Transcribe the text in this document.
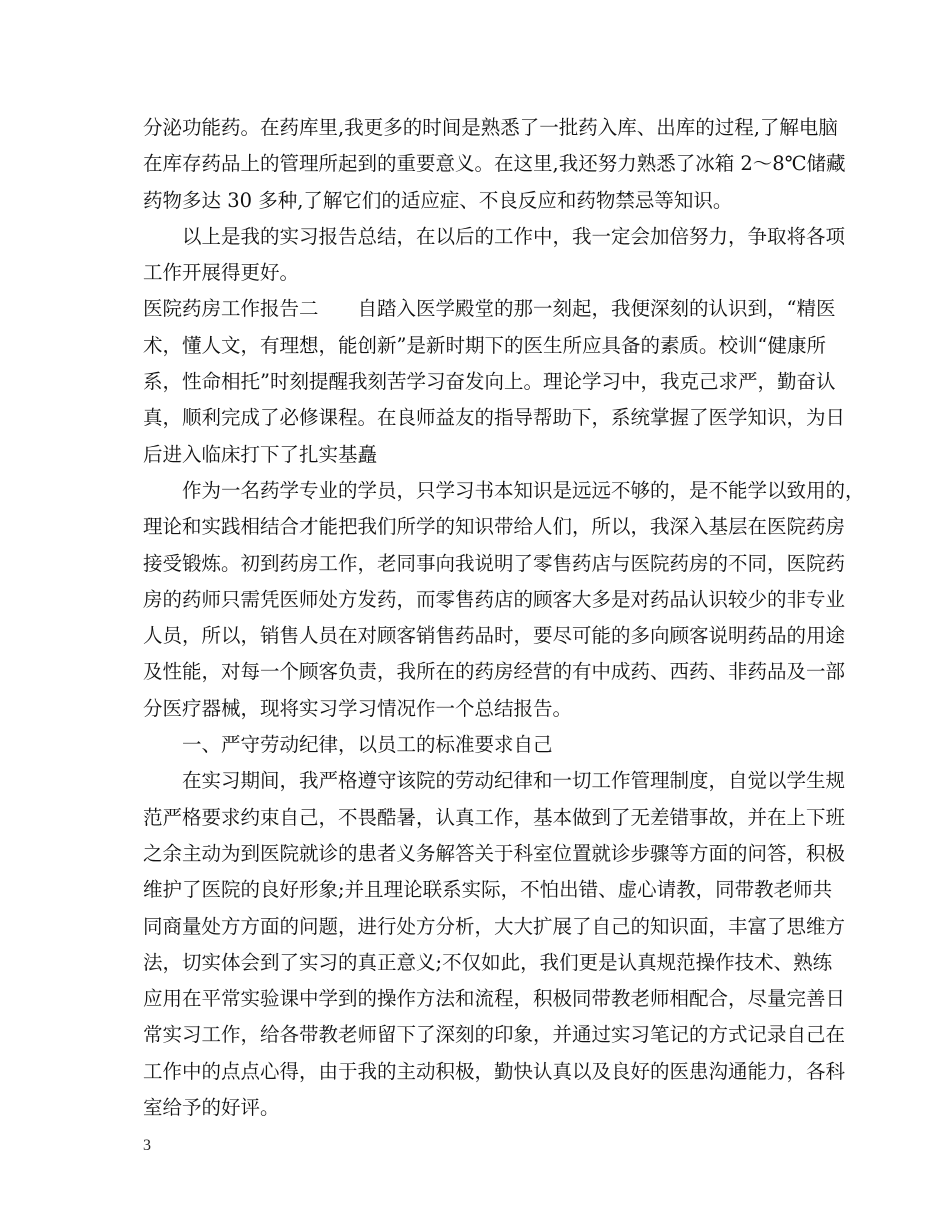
分泌功能药。在药库里,我更多的时间是熟悉了一批药入库、出库的过程,了解电脑
在库存药品上的管理所起到的重要意义。在这里,我还努力熟悉了冰箱 2～8℃储藏
药物多达 30 多种,了解它们的适应症、不良反应和药物禁忌等知识。
以上是我的实习报告总结，在以后的工作中，我一定会加倍努力，争取将各项
工作开展得更好。
医院药房工作报告二　　自踏入医学殿堂的那一刻起，我便深刻的认识到，“精医
术，懂人文，有理想，能创新”是新时期下的医生所应具备的素质。校训“健康所
系，性命相托”时刻提醒我刻苦学习奋发向上。理论学习中，我克己求严，勤奋认
真，顺利完成了必修课程。在良师益友的指导帮助下，系统掌握了医学知识，为日
后进入临床打下了扎实基矗
作为一名药学专业的学员，只学习书本知识是远远不够的，是不能学以致用的，
理论和实践相结合才能把我们所学的知识带给人们，所以，我深入基层在医院药房
接受锻炼。初到药房工作，老同事向我说明了零售药店与医院药房的不同，医院药
房的药师只需凭医师处方发药，而零售药店的顾客大多是对药品认识较少的非专业
人员，所以，销售人员在对顾客销售药品时，要尽可能的多向顾客说明药品的用途
及性能，对每一个顾客负责，我所在的药房经营的有中成药、西药、非药品及一部
分医疗器械，现将实习学习情况作一个总结报告。
一、严守劳动纪律，以员工的标准要求自己
在实习期间，我严格遵守该院的劳动纪律和一切工作管理制度，自觉以学生规
范严格要求约束自己，不畏酷暑，认真工作，基本做到了无差错事故，并在上下班
之余主动为到医院就诊的患者义务解答关于科室位置就诊步骤等方面的问答，积极
维护了医院的良好形象;并且理论联系实际，不怕出错、虚心请教，同带教老师共
同商量处方方面的问题，进行处方分析，大大扩展了自己的知识面，丰富了思维方
法，切实体会到了实习的真正意义;不仅如此，我们更是认真规范操作技术、熟练
应用在平常实验课中学到的操作方法和流程，积极同带教老师相配合，尽量完善日
常实习工作，给各带教老师留下了深刻的印象，并通过实习笔记的方式记录自己在
工作中的点点心得，由于我的主动积极，勤快认真以及良好的医患沟通能力，各科
室给予的好评。
3
